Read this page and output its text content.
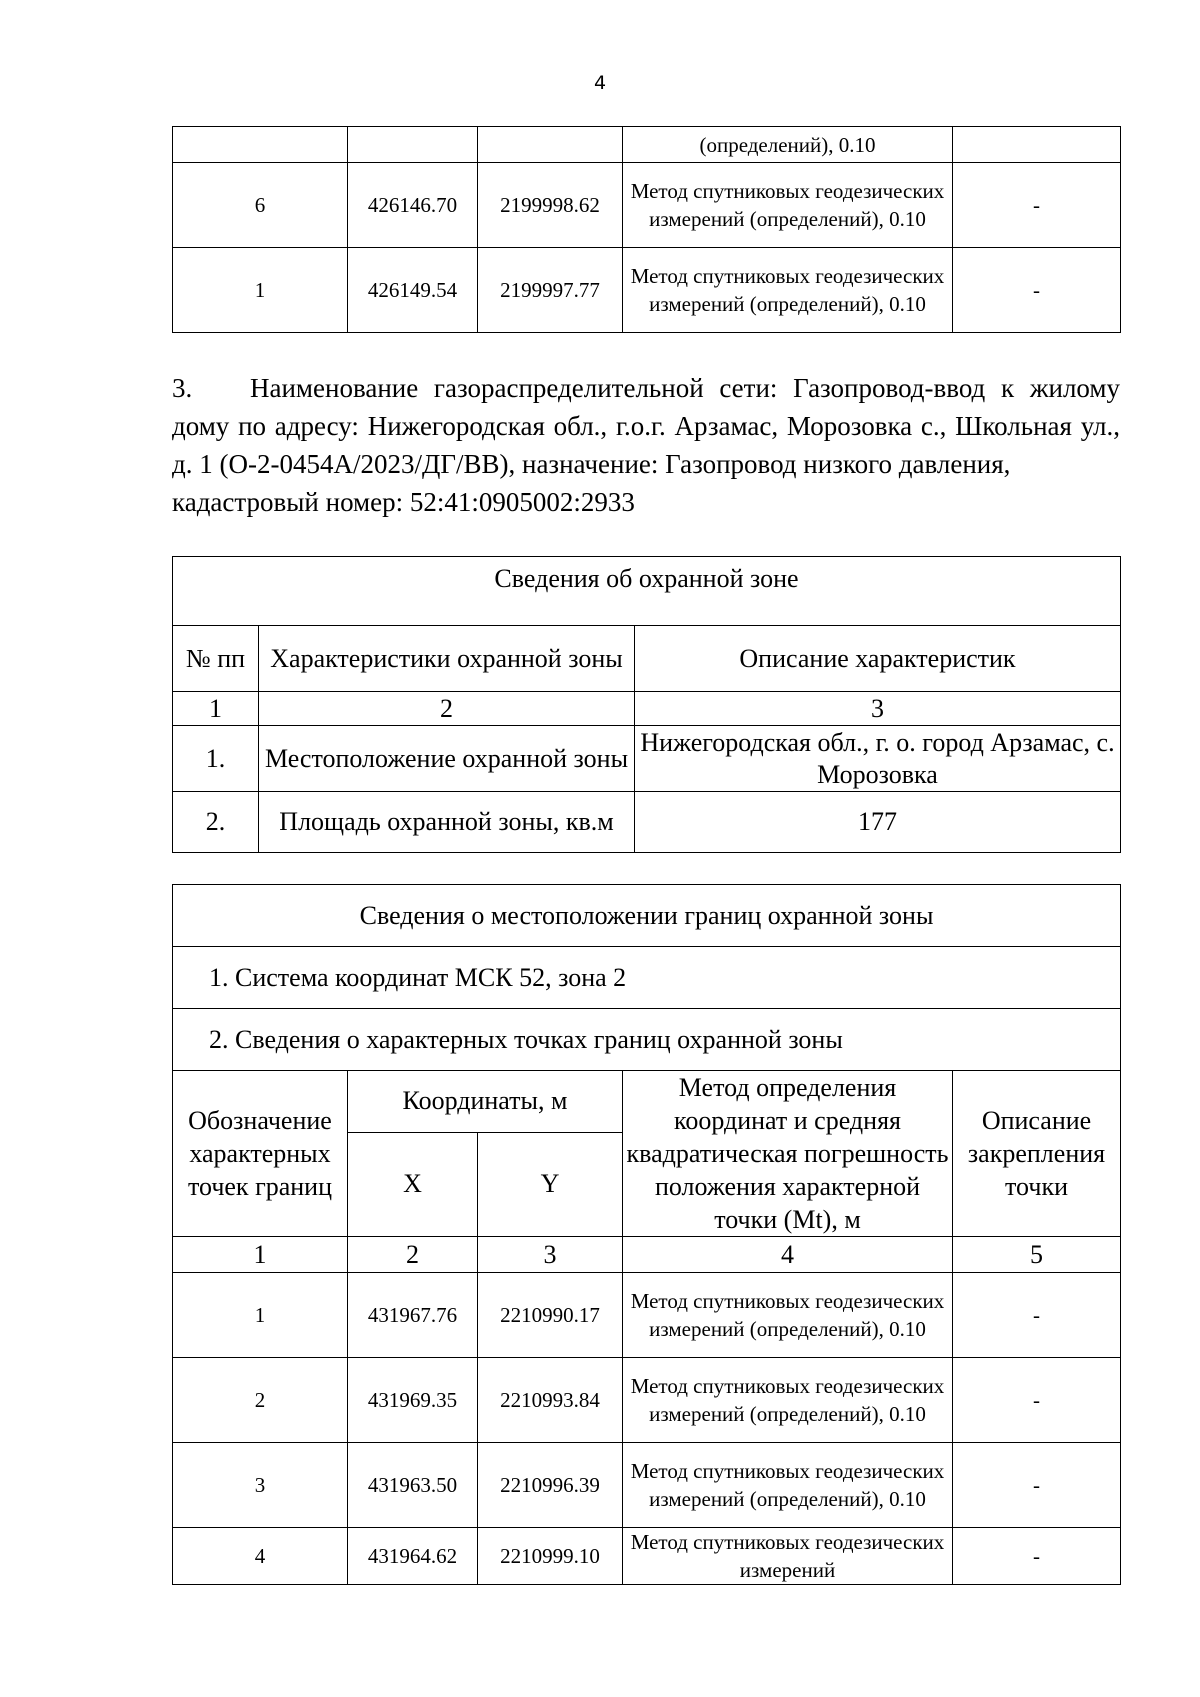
4
			(определений), 0.10	
6	426146.70	2199998.62	Метод спутниковых геодезических измерений (определений), 0.10	-
1	426149.54	2199997.77	Метод спутниковых геодезических измерений (определений), 0.10	-
3. Наименование газораспределительной сети: Газопровод-ввод к жилому дому по адресу: Нижегородская обл., г.о.г. Арзамас, Морозовка с., Школьная ул., д. 1 (О-2-0454А/2023/ДГ/ВВ), назначение: Газопровод низкого давления,
кадастровый номер: 52:41:0905002:2933
Сведения об охранной зоне		
№ пп	Характеристики охранной зоны	Описание характеристик
1	2	3
1.	Местоположение охранной зоны	Нижегородская обл., г. о. город Арзамас, с. Морозовка
2.	Площадь охранной зоны, кв.м	177
Сведения о местоположении границ охранной зоны				
1. Система координат МСК 52, зона 2				
2. Сведения о характерных точках границ охранной зоны				
Обозначение характерных точек границ	Координаты, м		Метод определения координат и средняя квадратическая погрешность положения характерной точки (Mt), м	Описание закрепления точки
	X	Y		
1	2	3	4	5
1	431967.76	2210990.17	Метод спутниковых геодезических измерений (определений), 0.10	-
2	431969.35	2210993.84	Метод спутниковых геодезических измерений (определений), 0.10	-
3	431963.50	2210996.39	Метод спутниковых геодезических измерений (определений), 0.10	-
4	431964.62	2210999.10	Метод спутниковых геодезических измерений	-
